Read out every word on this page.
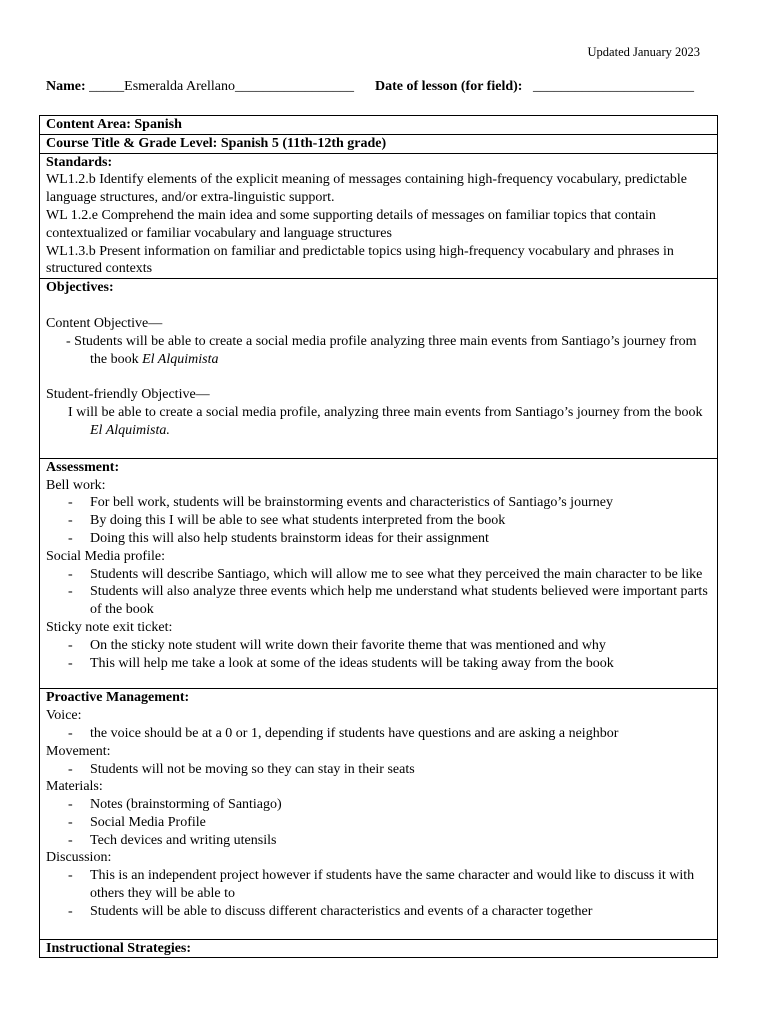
Updated January 2023
Name: _____Esmeralda Arellano_________________ Date of lesson (for field): _______________________
Content Area: Spanish
Course Title & Grade Level: Spanish 5 (11th-12th grade)

Standards:
WL1.2.b Identify elements of the explicit meaning of messages containing high-frequency vocabulary, predictable language structures, and/or extra-linguistic support.
WL 1.2.e Comprehend the main idea and some supporting details of messages on familiar topics that contain contextualized or familiar vocabulary and language structures
WL1.3.b Present information on familiar and predictable topics using high-frequency vocabulary and phrases in structured contexts

Objectives:
Content Objective—
- Students will be able to create a social media profile analyzing three main events from Santiago’s journey from the book El Alquimista
Student-friendly Objective—
I will be able to create a social media profile, analyzing three main events from Santiago’s journey from the book El Alquimista.

Assessment:
Bell work:
- For bell work, students will be brainstorming events and characteristics of Santiago’s journey
- By doing this I will be able to see what students interpreted from the book
- Doing this will also help students brainstorm ideas for their assignment
Social Media profile:
- Students will describe Santiago, which will allow me to see what they perceived the main character to be like
- Students will also analyze three events which help me understand what students believed were important parts of the book
Sticky note exit ticket:
- On the sticky note student will write down their favorite theme that was mentioned and why
- This will help me take a look at some of the ideas students will be taking away from the book

Proactive Management:
Voice:
- the voice should be at a 0 or 1, depending if students have questions and are asking a neighbor
Movement:
- Students will not be moving so they can stay in their seats
Materials:
- Notes (brainstorming of Santiago)
- Social Media Profile
- Tech devices and writing utensils
Discussion:
- This is an independent project however if students have the same character and would like to discuss it with others they will be able to
- Students will be able to discuss different characteristics and events of a character together

Instructional Strategies:
